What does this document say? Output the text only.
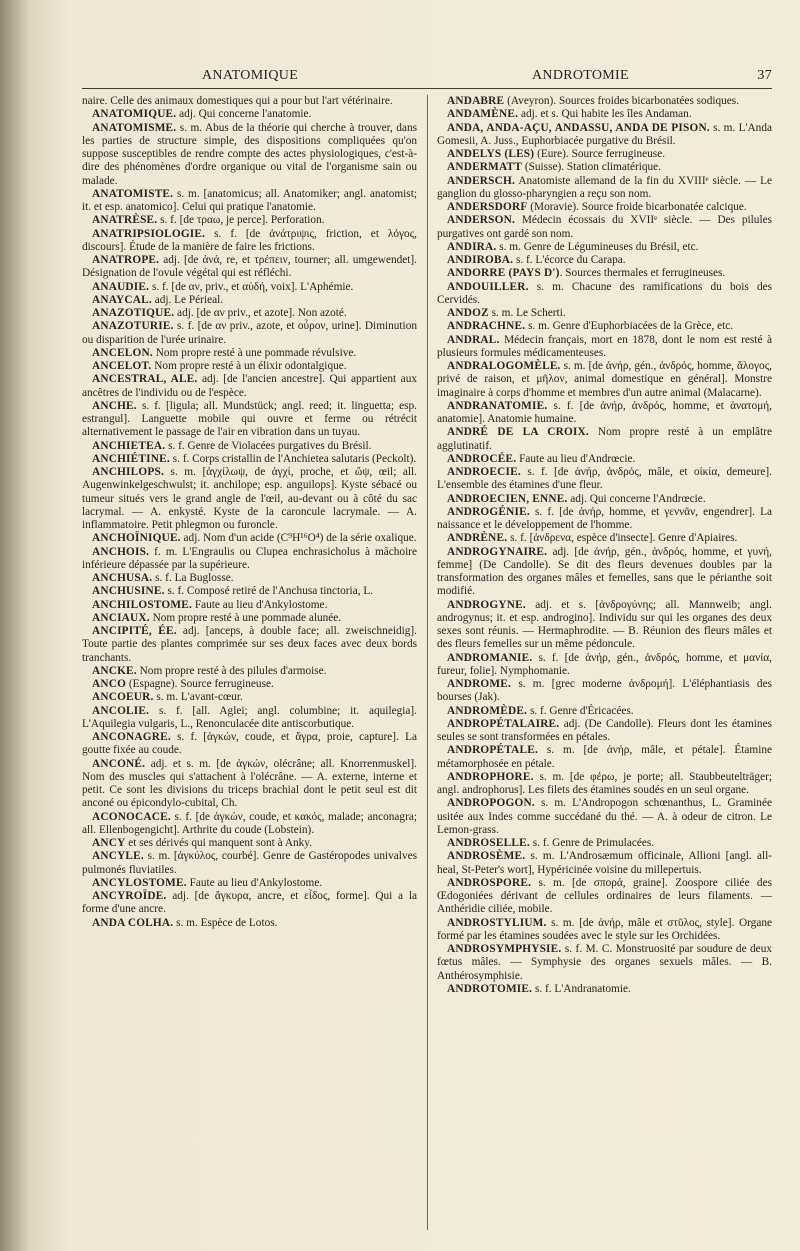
ANATOMIQUE	ANDROTOMIE	37

naire. Celle des animaux domestiques qui a pour but l'art vétérinaire.

ANATOMIQUE. adj. Qui concerne l'anatomie.

ANATOMISME. s. m. Abus de la théorie qui cherche à trouver, dans les parties de structure simple, des dispositions compliquées qu'on suppose susceptibles de rendre compte des actes physiologiques, c'est-à-dire des phénomènes d'ordre organique ou vital de l'organisme sain ou malade.

ANATOMISTE. s. m. [anatomicus; all. Anatomiker; angl. anatomist; it. et esp. anatomico]. Celui qui pratique l'anatomie.

ANATRÈSE. s. f. [de τραω, je perce]. Perforation.

ANATRIPSIOLOGIE. s. f. [de ἀνάτριψις, friction, et λόγος, discours]. Étude de la manière de faire les frictions.

ANATROPE. adj. [de ἀνά, re, et τρέπειν, tourner; all. umgewendet]. Désignation de l'ovule végétal qui est réfléchi.

ANAUDIE. s. f. [de αν, priv., et αὐδή, voix]. L'Aphémie.

ANAYCAL. adj. Le Périeal.

ANAZOTIQUE. adj. [de αν priv., et azote]. Non azoté.

ANAZOTURIE. s. f. [de αν priv., azote, et οὖρον, urine]. Diminution ou disparition de l'urée urinaire.

ANCELON. Nom propre resté à une pommade révulsive.

ANCELOT. Nom propre resté à un élixir odontalgique.

ANCESTRAL, ALE. adj. [de l'ancien ancestre]. Qui appartient aux ancêtres de l'individu ou de l'espèce.

ANCHE. s. f. [ligula; all. Mundstück; angl. reed; it. linguetta; esp. estrangul]. Languette mobile qui ouvre et ferme ou rétrécit alternativement le passage de l'air en vibration dans un tuyau.

ANCHIETEA. s. f. Genre de Violacées purgatives du Brésil.

ANCHIÉTINE. s. f. Corps cristallin de l'Anchietea salutaris (Peckolt).

ANCHILOPS. s. m. [ἀγχίλωψ, de ἀγχί, proche, et ὤψ, œil; all. Augenwinkelgeschwulst; it. anchilope; esp. anguilops]. Kyste sébacé ou tumeur situés vers le grand angle de l'œil, au-devant ou à côté du sac lacrymal. — A. enkysté. Kyste de la caroncule lacrymale. — A. inflammatoire. Petit phlegmon ou furoncle.

ANCHOÏNIQUE. adj. Nom d'un acide (C⁹H¹⁶O⁴) de la série oxalique.

ANCHOIS. f. m. L'Engraulis ou Clupea enchrasicholus à mâchoire inférieure dépassée par la supérieure.

ANCHUSA. s. f. La Buglosse.

ANCHUSINE. s. f. Composé retiré de l'Anchusa tinctoria, L.

ANCHILOSTOME. Faute au lieu d'Ankylostome.

ANCIAUX. Nom propre resté à une pommade alunée.

ANCIPITÉ, ÉE. adj. [anceps, à double face; all. zweischneidig]. Toute partie des plantes comprimée sur ses deux faces avec deux bords tranchants.

ANCKE. Nom propre resté à des pilules d'armoise.

ANCO (Espagne). Source ferrugineuse.

ANCOEUR. s. m. L'avant-cœur.

ANCOLIE. s. f. [all. Aglei; angl. columbine; it. aquilegia]. L'Aquilegia vulgaris, L., Renonculacée dite antiscorbutique.

ANCONAGRE. s. f. [ἀγκών, coude, et ἄγρα, proie, capture]. La goutte fixée au coude.

ANCONÉ. adj. et s. m. [de ἀγκών, olécrâne; all. Knorrenmuskel]. Nom des muscles qui s'attachent à l'olécrâne. — A. externe, interne et petit. Ce sont les divisions du triceps brachial dont le petit seul est dit anconé ou épicondylo-cubital, Ch.

ACONOCACE. s. f. [de ἀγκών, coude, et κακός, malade; anconagra; all. Ellenbogengicht]. Arthrite du coude (Lobstein).

ANCY et ses dérivés qui manquent sont à Anky.

ANCYLE. s. m. [ἀγκύλος, courbé]. Genre de Gastéropodes univalves pulmonés fluviatiles.

ANCYLOSTOME. Faute au lieu d'Ankylostome.

ANCYROÏDE. adj. [de ἄγκυρα, ancre, et εἶδος, forme]. Qui a la forme d'une ancre.

ANDA COLHA. s. m. Espèce de Lotos.

ANDABRE (Aveyron). Sources froides bicarbonatées sodiques.

ANDAMÈNE. adj. et s. Qui habite les îles Andaman.

ANDA, ANDA-AÇU, ANDASSU, ANDA DE PISON. s. m. L'Anda Gomesii, A. Juss., Euphorbiacée purgative du Brésil.

ANDELYS (LES) (Eure). Source ferrugineuse.

ANDERMATT (Suisse). Station climatérique.

ANDERSCH. Anatomiste allemand de la fin du XVIIIᵉ siècle. — Le ganglion du glosso-pharyngien a reçu son nom.

ANDERSDORF (Moravie). Source froide bicarbonatée calcique.

ANDERSON. Médecin écossais du XVIIᵉ siècle. — Des pilules purgatives ont gardé son nom.

ANDIRA. s. m. Genre de Légumineuses du Brésil, etc.

ANDIROBA. s. f. L'écorce du Carapa.

ANDORRE (PAYS D'). Sources thermales et ferrugineuses.

ANDOUILLER. s. m. Chacune des ramifications du bois des Cervidés.

ANDOZ s. m. Le Scherti.

ANDRACHNE. s. m. Genre d'Euphorbiacées de la Grèce, etc.

ANDRAL. Médecin français, mort en 1878, dont le nom est resté à plusieurs formules médicamenteuses.

ANDRALOGOMÈLE. s. m. [de ἀνήρ, gén., ἀνδρός, homme, ἄλογος, privé de raison, et μῆλον, animal domestique en général]. Monstre imaginaire à corps d'homme et membres d'un autre animal (Malacarne).

ANDRANATOMIE. s. f. [de ἀνήρ, ἀνδρός, homme, et ἀνατομή, anatomie]. Anatomie humaine.

ANDRÉ DE LA CROIX. Nom propre resté à un emplâtre agglutinatif.

ANDROCÉE. Faute au lieu d'Andrœcie.

ANDROECIE. s. f. [de ἀνήρ, ἀνδρός, mâle, et οἰκία, demeure]. L'ensemble des étamines d'une fleur.

ANDROECIEN, ENNE. adj. Qui concerne l'Andrœcie.

ANDROGÉNIE. s. f. [de ἀνήρ, homme, et γεννᾶν, engendrer]. La naissance et le développement de l'homme.

ANDRÈNE. s. f. [ἀνδρενα, espèce d'insecte]. Genre d'Apiaires.

ANDROGYNAIRE. adj. [de ἀνήρ, gén., ἀνδρός, homme, et γυνή, femme] (De Candolle). Se dit des fleurs devenues doubles par la transformation des organes mâles et femelles, sans que le périanthe soit modifié.

ANDROGYNE. adj. et s. [ἀνδρογύνης; all. Mannweib; angl. androgynus; it. et esp. androgino]. Individu sur qui les organes des deux sexes sont réunis. — Hermaphrodite. — B. Réunion des fleurs mâles et des fleurs femelles sur un même pédoncule.

ANDROMANIE. s. f. [de ἀνήρ, gén., ἀνδρός, homme, et μανία, fureur, folie]. Nymphomanie.

ANDROME. s. m. [grec moderne ἀνδρομή]. L'éléphantiasis des bourses (Jak).

ANDROMÈDE. s. f. Genre d'Éricacées.

ANDROPÉTALAIRE. adj. (De Candolle). Fleurs dont les étamines seules se sont transformées en pétales.

ANDROPÉTALE. s. m. [de ἀνήρ, mâle, et pétale]. Étamine métamorphosée en pétale.

ANDROPHORE. s. m. [de φέρω, je porte; all. Staubbeutelträger; angl. androphorus]. Les filets des étamines soudés en un seul organe.

ANDROPOGON. s. m. L'Andropogon schœnanthus, L. Graminée usitée aux Indes comme succédané du thé. — A. à odeur de citron. Le Lemon-grass.

ANDROSELLE. s. f. Genre de Primulacées.

ANDROSÈME. s. m. L'Androsæmum officinale, Allioni [angl. all-heal, St-Peter's wort], Hypéricinée voisine du millepertuis.

ANDROSPORE. s. m. [de σπορά, graine]. Zoospore ciliée des Œdogoniées dérivant de cellules ordinaires de leurs filaments. — Anthéridie ciliée, mobile.

ANDROSTYLIUM. s. m. [de ἀνήρ, mâle et στῦλος, style]. Organe formé par les étamines soudées avec le style sur les Orchidées.

ANDROSYMPHYSIE. s. f. M. C. Monstruosité par soudure de deux fœtus mâles. — Symphysie des organes sexuels mâles. — B. Anthérosymphisie.

ANDROTOMIE. s. f. L'Andranatomie.
